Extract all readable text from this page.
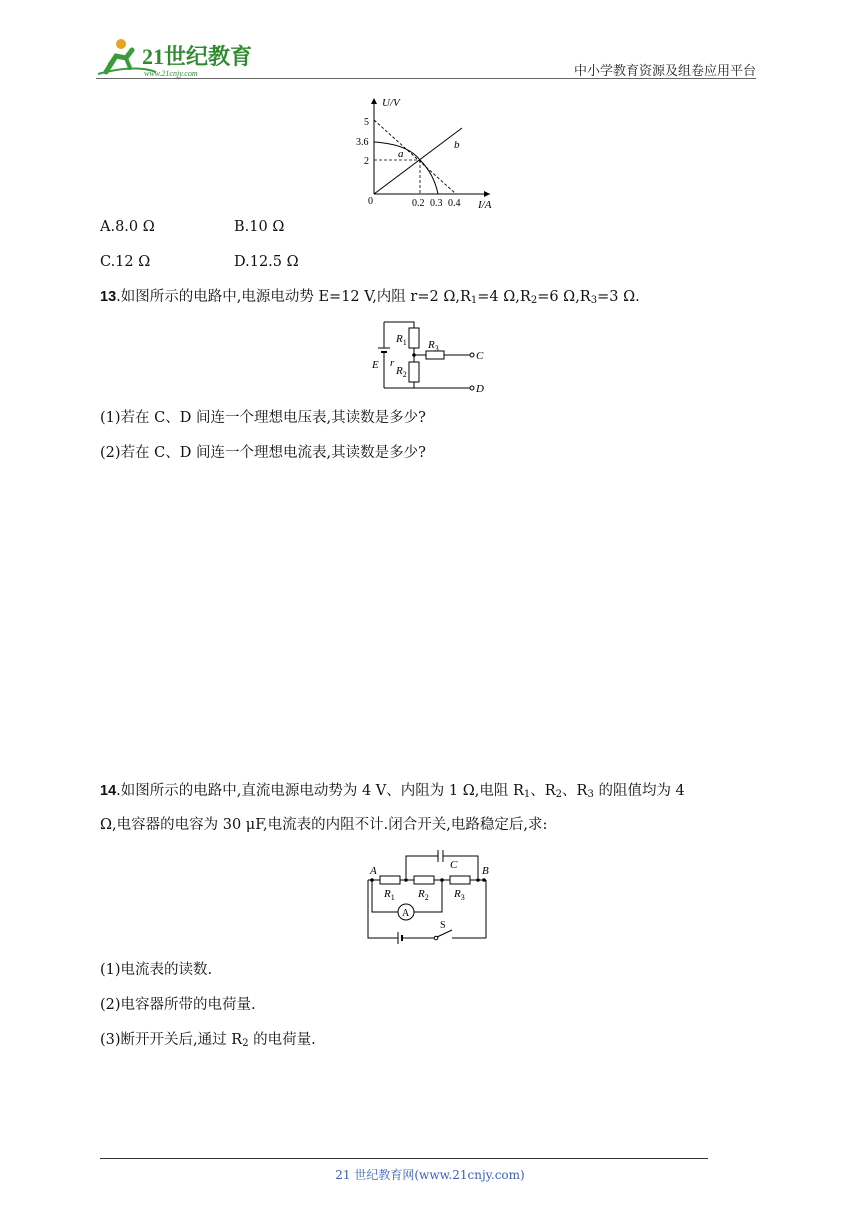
21世纪教育
www.21cnjy.com	中小学教育资源及组卷应用平台
U/V
I/A
0
5
3.6
2
0.2 0.3 0.4
b
a
A.8.0 Ω	B.10 Ω
C.12 Ω	D.12.5 Ω
13.如图所示的电路中,电源电动势 E=12 V,内阻 r=2 $\Omega,R_1=4$ $\Omega,R_2=6$ $\Omega,R_3=3$ Ω.
$R_1$
$R_2$
$R_3$
E r
C
D
(1)若在 C、D 间连一个理想电压表,其读数是多少?
(2)若在 C、D 间连一个理想电流表,其读数是多少?
14.如图所示的电路中,直流电源电动势为 4 V、内阻为 1 Ω,电阻 $R_1$、$R_2$、$R_3$ 的阻值均为 4
Ω,电容器的电容为 30 μF,电流表的内阻不计.闭合开关,电路稳定后,求:
A
A	B
C
$R_1$ $R_2$ $R_3$
S
(1)电流表的读数.
(2)电容器所带的电荷量.
(3)断开开关后,通过 $R_2$ 的电荷量.
21 世纪教育网(www.21cnjy.com)
